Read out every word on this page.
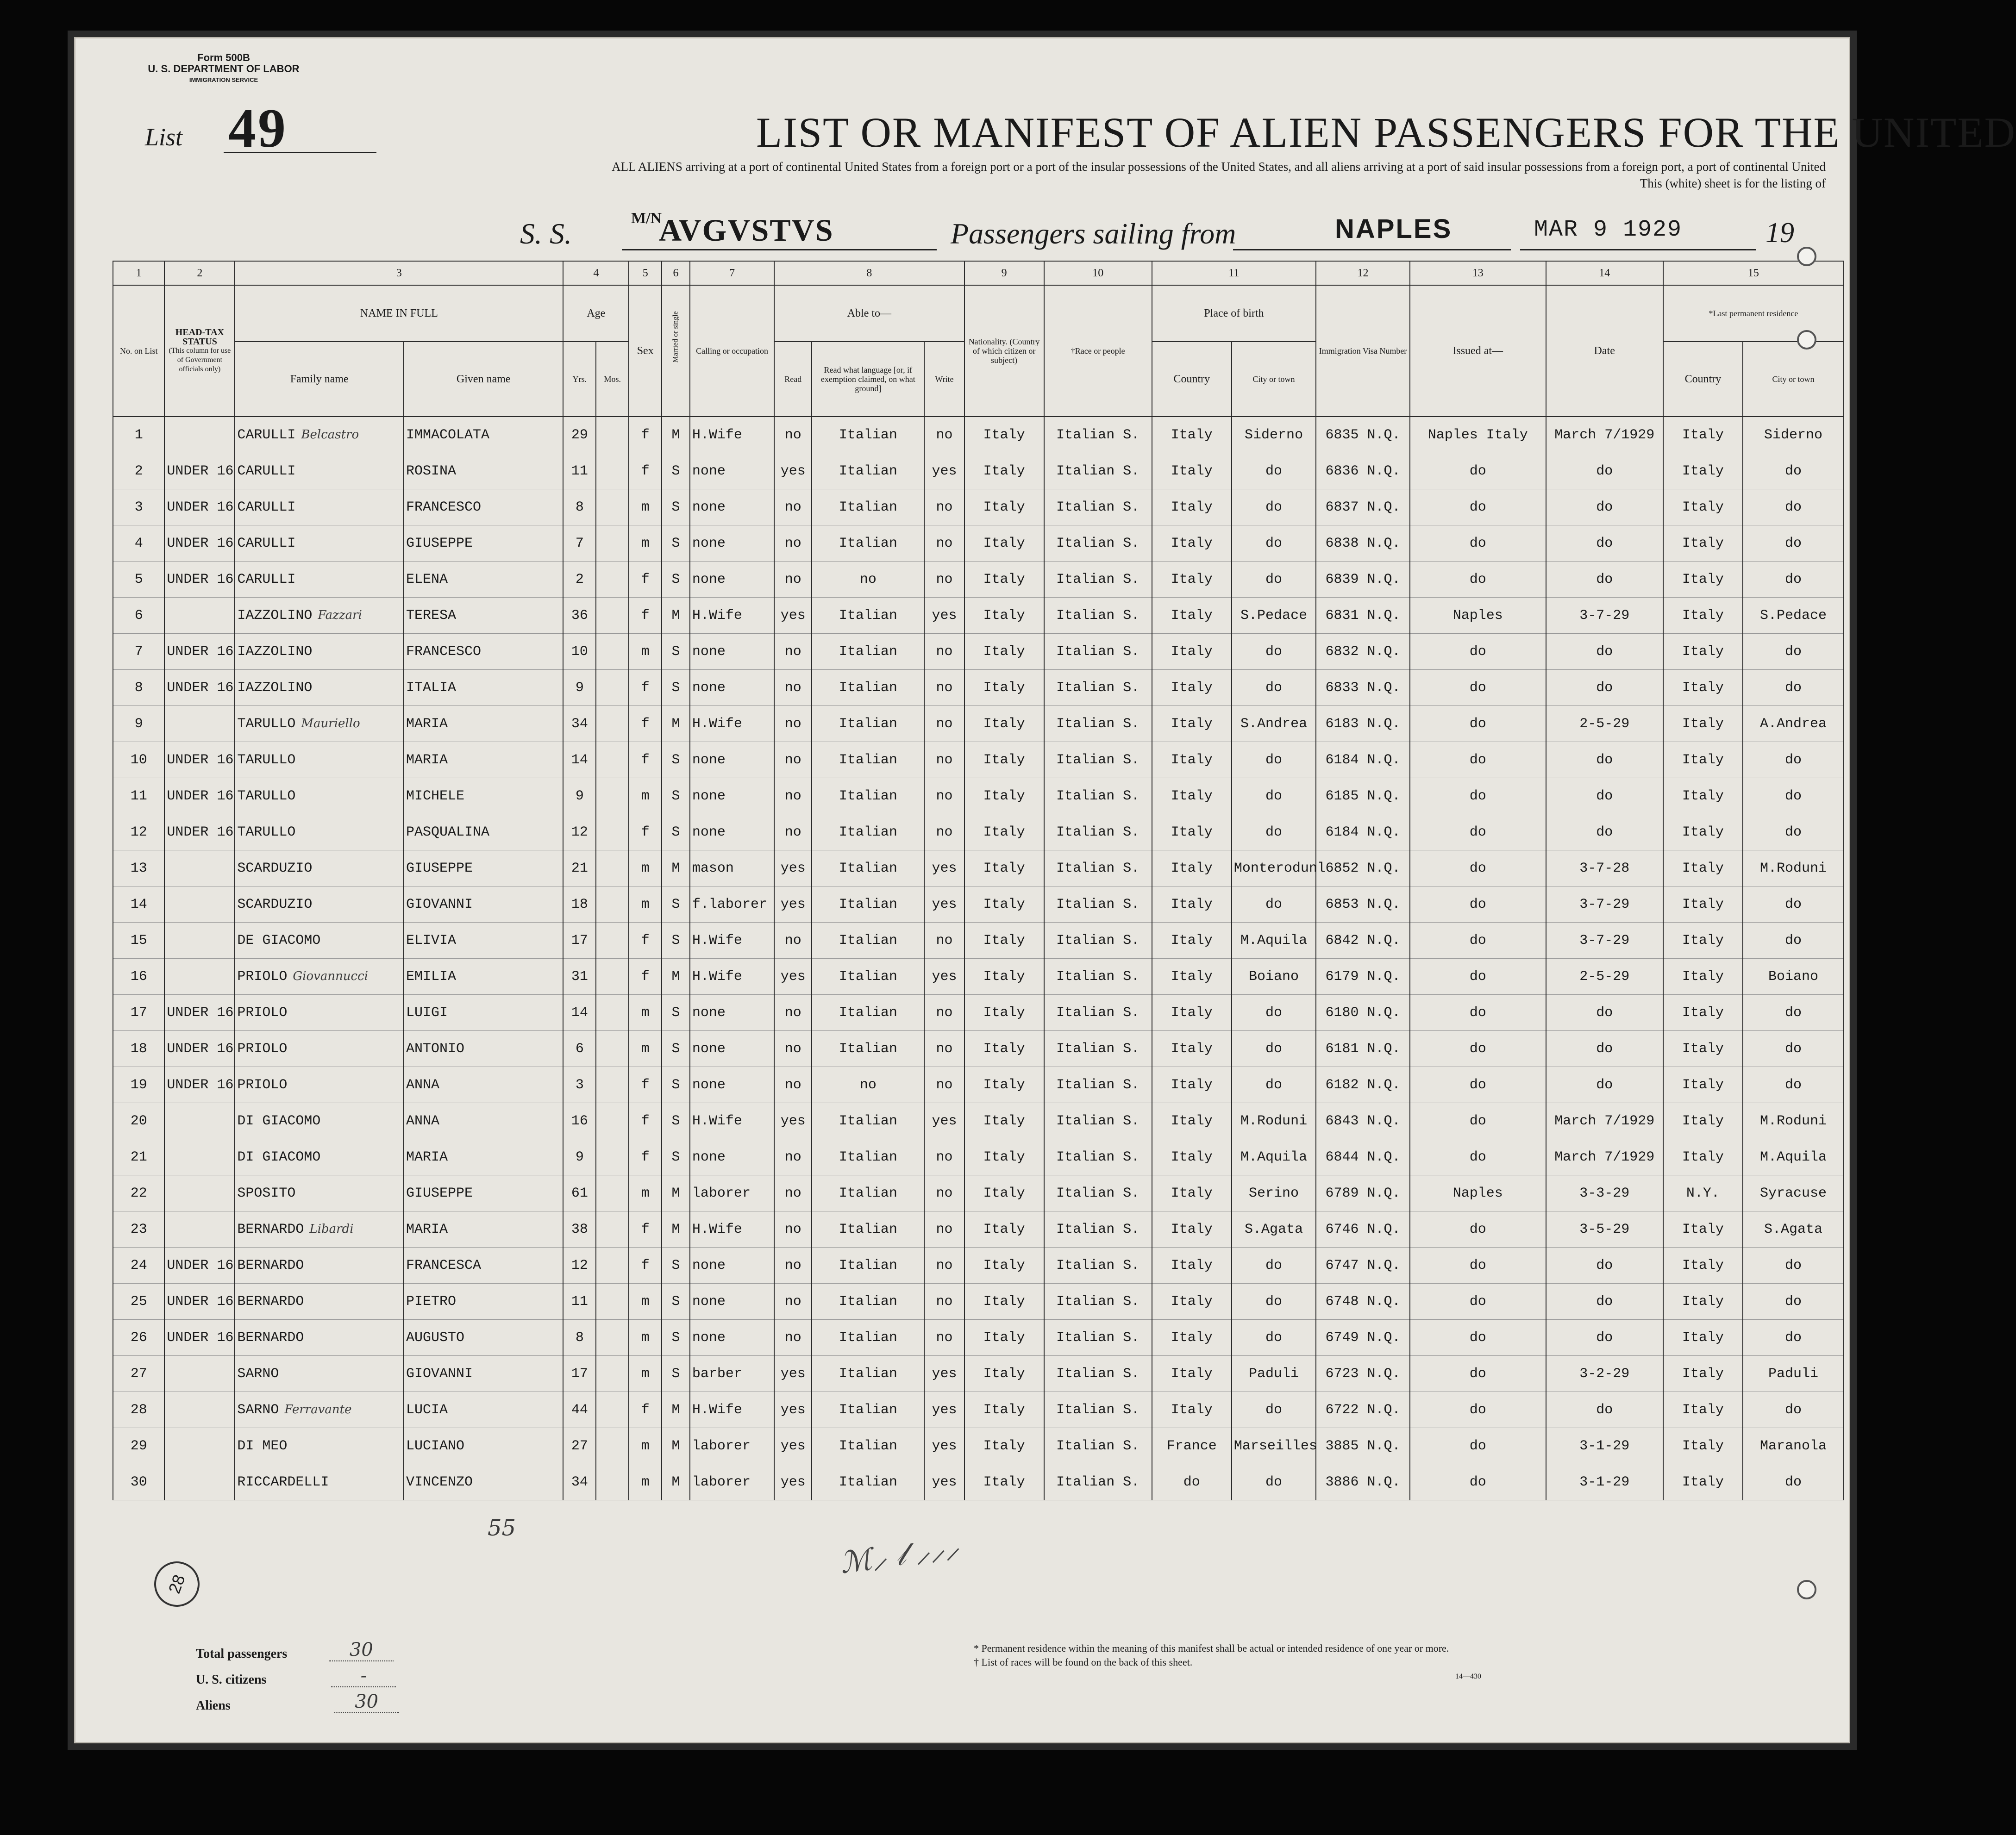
Form 500B
U. S. DEPARTMENT OF LABOR
IMMIGRATION SERVICE
List 49	LIST OR MANIFEST OF ALIEN PASSENGERS FOR THE UNITED
ALL ALIENS arriving at a port of continental United States from a foreign port or a port of the insular possessions of the United States, and all aliens arriving at a port of said insular possessions from a foreign port, a port of continental United
This (white) sheet is for the listing of
S. S.	M/N
AVGVSTVS	Passengers sailing from	NAPLES	MAR 9 1929	19
1	2	3		4		5	6	7	8			9	10	11		12	13	14	15	
No. on List	HEAD-TAX STATUS
(This column for use of Government officials only)	NAME IN FULL		Age		Sex	Married or single	Calling or occupation	Able to—			Nationality. (Country of which citizen or subject)	†Race or people	Place of birth		Immigration Visa Number	Issued at—	Date	*Last permanent residence	
		Family name	Given name	Yrs.	Mos.				Read	Read what language [or, if exemption claimed, on what ground]	Write			Country	City or town				Country	City or town
1		CARULLI Belcastro	IMMACOLATA	29		f	M	H.Wife	no	Italian	no	Italy	Italian S.	Italy	Siderno	6835 N.Q.	Naples Italy	March 7/1929	Italy	Siderno
2	UNDER 16	CARULLI	ROSINA	11		f	S	none	yes	Italian	yes	Italy	Italian S.	Italy	do	6836 N.Q.	do	do	Italy	do
3	UNDER 16	CARULLI	FRANCESCO	8		m	S	none	no	Italian	no	Italy	Italian S.	Italy	do	6837 N.Q.	do	do	Italy	do
4	UNDER 16	CARULLI	GIUSEPPE	7		m	S	none	no	Italian	no	Italy	Italian S.	Italy	do	6838 N.Q.	do	do	Italy	do
5	UNDER 16	CARULLI	ELENA	2		f	S	none	no	no	no	Italy	Italian S.	Italy	do	6839 N.Q.	do	do	Italy	do
6		IAZZOLINO Fazzari	TERESA	36		f	M	H.Wife	yes	Italian	yes	Italy	Italian S.	Italy	S.Pedace	6831 N.Q.	Naples	3-7-29	Italy	S.Pedace
7	UNDER 16	IAZZOLINO	FRANCESCO	10		m	S	none	no	Italian	no	Italy	Italian S.	Italy	do	6832 N.Q.	do	do	Italy	do
8	UNDER 16	IAZZOLINO	ITALIA	9		f	S	none	no	Italian	no	Italy	Italian S.	Italy	do	6833 N.Q.	do	do	Italy	do
9		TARULLO Mauriello	MARIA	34		f	M	H.Wife	no	Italian	no	Italy	Italian S.	Italy	S.Andrea	6183 N.Q.	do	2-5-29	Italy	A.Andrea
10	UNDER 16	TARULLO	MARIA	14		f	S	none	no	Italian	no	Italy	Italian S.	Italy	do	6184 N.Q.	do	do	Italy	do
11	UNDER 16	TARULLO	MICHELE	9		m	S	none	no	Italian	no	Italy	Italian S.	Italy	do	6185 N.Q.	do	do	Italy	do
12	UNDER 16	TARULLO	PASQUALINA	12		f	S	none	no	Italian	no	Italy	Italian S.	Italy	do	6184 N.Q.	do	do	Italy	do
13		SCARDUZIO	GIUSEPPE	21		m	M	mason	yes	Italian	yes	Italy	Italian S.	Italy	Monterodunl	6852 N.Q.	do	3-7-28	Italy	M.Roduni
14		SCARDUZIO	GIOVANNI	18		m	S	f.laborer	yes	Italian	yes	Italy	Italian S.	Italy	do	6853 N.Q.	do	3-7-29	Italy	do
15		DE GIACOMO	ELIVIA	17		f	S	H.Wife	no	Italian	no	Italy	Italian S.	Italy	M.Aquila	6842 N.Q.	do	3-7-29	Italy	do
16		PRIOLO Giovannucci	EMILIA	31		f	M	H.Wife	yes	Italian	yes	Italy	Italian S.	Italy	Boiano	6179 N.Q.	do	2-5-29	Italy	Boiano
17	UNDER 16	PRIOLO	LUIGI	14		m	S	none	no	Italian	no	Italy	Italian S.	Italy	do	6180 N.Q.	do	do	Italy	do
18	UNDER 16	PRIOLO	ANTONIO	6		m	S	none	no	Italian	no	Italy	Italian S.	Italy	do	6181 N.Q.	do	do	Italy	do
19	UNDER 16	PRIOLO	ANNA	3		f	S	none	no	no	no	Italy	Italian S.	Italy	do	6182 N.Q.	do	do	Italy	do
20		DI GIACOMO	ANNA	16		f	S	H.Wife	yes	Italian	yes	Italy	Italian S.	Italy	M.Roduni	6843 N.Q.	do	March 7/1929	Italy	M.Roduni
21		DI GIACOMO	MARIA	9		f	S	none	no	Italian	no	Italy	Italian S.	Italy	M.Aquila	6844 N.Q.	do	March 7/1929	Italy	M.Aquila
22		SPOSITO	GIUSEPPE	61		m	M	laborer	no	Italian	no	Italy	Italian S.	Italy	Serino	6789 N.Q.	Naples	3-3-29	N.Y.	Syracuse
23		BERNARDO Libardi	MARIA	38		f	M	H.Wife	no	Italian	no	Italy	Italian S.	Italy	S.Agata	6746 N.Q.	do	3-5-29	Italy	S.Agata
24	UNDER 16	BERNARDO	FRANCESCA	12		f	S	none	no	Italian	no	Italy	Italian S.	Italy	do	6747 N.Q.	do	do	Italy	do
25	UNDER 16	BERNARDO	PIETRO	11		m	S	none	no	Italian	no	Italy	Italian S.	Italy	do	6748 N.Q.	do	do	Italy	do
26	UNDER 16	BERNARDO	AUGUSTO	8		m	S	none	no	Italian	no	Italy	Italian S.	Italy	do	6749 N.Q.	do	do	Italy	do
27		SARNO	GIOVANNI	17		m	S	barber	yes	Italian	yes	Italy	Italian S.	Italy	Paduli	6723 N.Q.	do	3-2-29	Italy	Paduli
28		SARNO Ferravante	LUCIA	44		f	M	H.Wife	yes	Italian	yes	Italy	Italian S.	Italy	do	6722 N.Q.	do	do	Italy	do
29		DI MEO	LUCIANO	27		m	M	laborer	yes	Italian	yes	Italy	Italian S.	France	Marseilles	3885 N.Q.	do	3-1-29	Italy	Maranola
30		RICCARDELLI	VINCENZO	34		m	M	laborer	yes	Italian	yes	Italy	Italian S.	do	do	3886 N.Q.	do	3-1-29	Italy	do
Total passengers	30
U. S. citizens	-
Aliens	30
* Permanent residence within the meaning of this manifest shall be actual or intended residence of one year or more.
† List of races will be found on the back of this sheet.
14—430
28
55
ℳ⸝ 𝓁 ⸝⸝⸝
